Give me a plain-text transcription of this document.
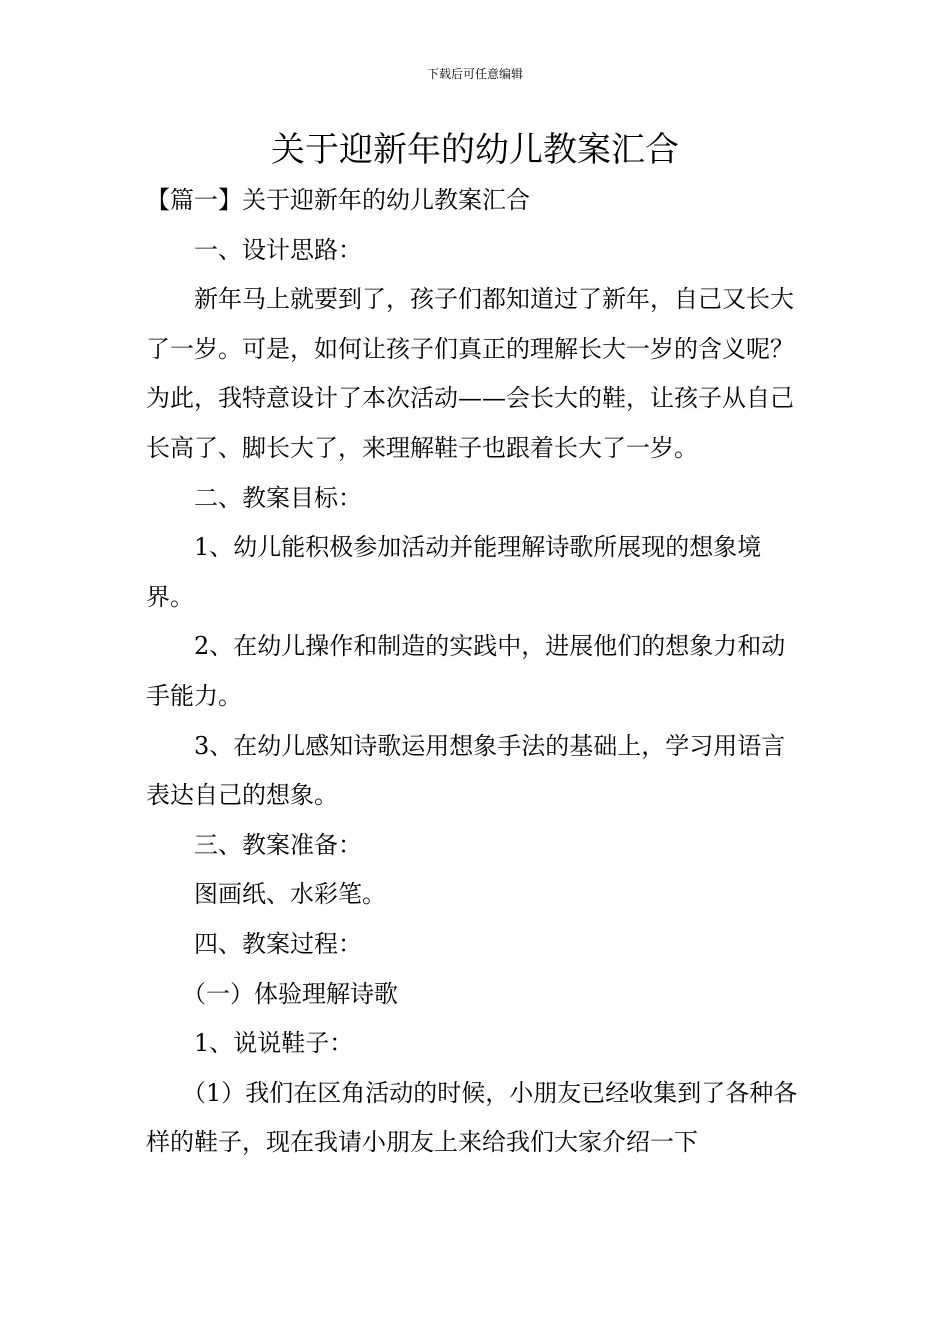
下载后可任意编辑
关于迎新年的幼儿教案汇合

【篇一】关于迎新年的幼儿教案汇合

一、设计思路：

新年马上就要到了，孩子们都知道过了新年，自己又长大了一岁。可是，如何让孩子们真正的理解长大一岁的含义呢？为此，我特意设计了本次活动——会长大的鞋，让孩子从自己长高了、脚长大了，来理解鞋子也跟着长大了一岁。

二、教案目标：

1、幼儿能积极参加活动并能理解诗歌所展现的想象境界。

2、在幼儿操作和制造的实践中，进展他们的想象力和动手能力。

3、在幼儿感知诗歌运用想象手法的基础上，学习用语言表达自己的想象。

三、教案准备：

图画纸、水彩笔。

四、教案过程：

（一）体验理解诗歌

1、说说鞋子：

（1）我们在区角活动的时候，小朋友已经收集到了各种各样的鞋子，现在我请小朋友上来给我们大家介绍一下
